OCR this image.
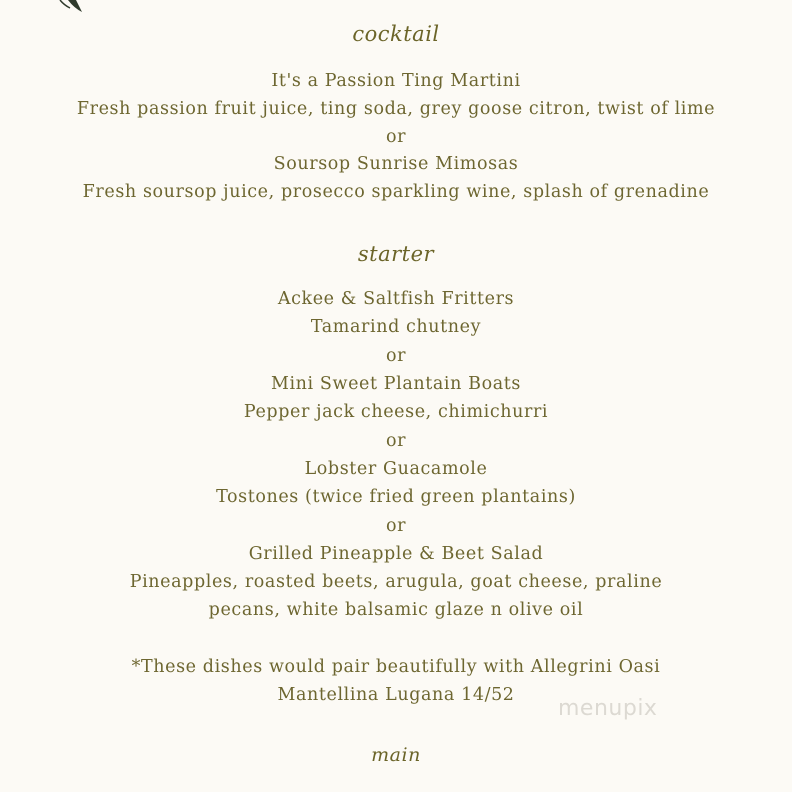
cocktail
It's a Passion Ting Martini
Fresh passion fruit juice, ting soda, grey goose citron, twist of lime
or
Soursop Sunrise Mimosas
Fresh soursop juice, prosecco sparkling wine, splash of grenadine
starter
Ackee & Saltfish Fritters
Tamarind chutney
or
Mini Sweet Plantain Boats
Pepper jack cheese, chimichurri
or
Lobster Guacamole
Tostones (twice fried green plantains)
or
Grilled Pineapple & Beet Salad
Pineapples, roasted beets, arugula, goat cheese, praline
pecans, white balsamic glaze n olive oil
*These dishes would pair beautifully with Allegrini Oasi
Mantellina Lugana 14/52
menupix
main
